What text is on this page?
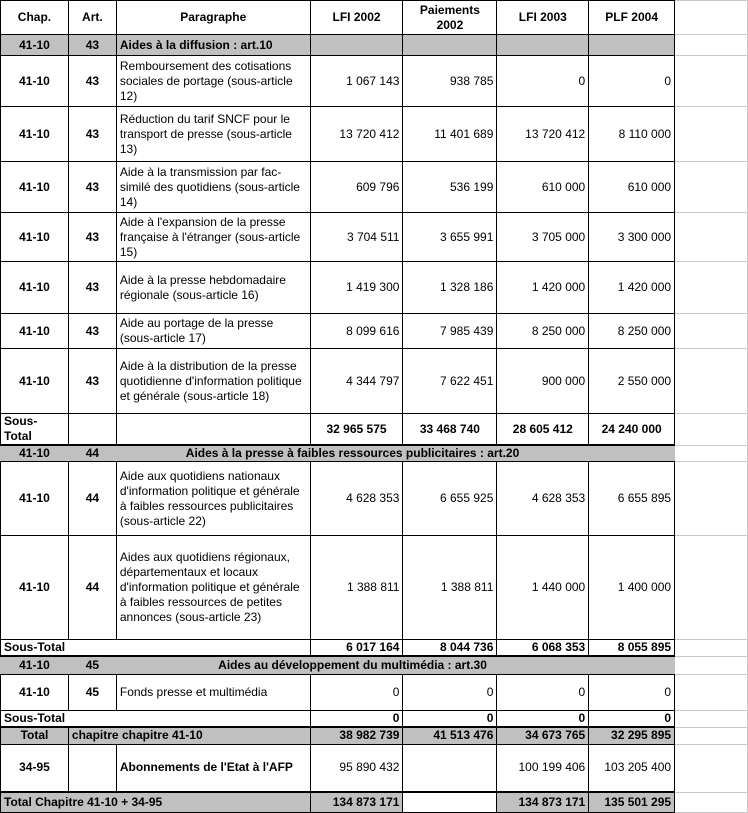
Chap.	Art.	Paragraphe	LFI 2002	Paiements 2002	LFI 2003	PLF 2004	
41-10	43	Aides à la diffusion : art.10					
41-10	43	Remboursement des cotisations sociales de portage (sous-article 12)	1 067 143	938 785	0	0	
41-10	43	Réduction du tarif SNCF pour le transport de presse (sous-article 13)	13 720 412	11 401 689	13 720 412	8 110 000	
41-10	43	Aide à la transmission par fac-similé des quotidiens (sous-article 14)	609 796	536 199	610 000	610 000	
41-10	43	Aide à l'expansion de la presse française à l'étranger (sous-article 15)	3 704 511	3 655 991	3 705 000	3 300 000	
41-10	43	Aide à la presse hebdomadaire régionale (sous-article 16)	1 419 300	1 328 186	1 420 000	1 420 000	
41-10	43	Aide au portage de la presse (sous-article 17)	8 099 616	7 985 439	8 250 000	8 250 000	
41-10	43	Aide à la distribution de la presse quotidienne d'information politique et générale (sous-article 18)	4 344 797	7 622 451	900 000	2 550 000	
Sous-Total			32 965 575	33 468 740	28 605 412	24 240 000	
41-10	44	Aides à la presse à faibles ressources publicitaires : art.20					
41-10	44	Aide aux quotidiens nationaux d'information politique et générale à faibles ressources publicitaires (sous-article 22)	4 628 353	6 655 925	4 628 353	6 655 895	
41-10	44	Aides aux quotidiens régionaux, départementaux et locaux d'information politique et générale à faibles ressources de petites annonces (sous-article 23)	1 388 811	1 388 811	1 440 000	1 400 000	
Sous-Total			6 017 164	8 044 736	6 068 353	8 055 895	
41-10	45	Aides au développement du multimédia : art.30					
41-10	45	Fonds presse et multimédia	0	0	0	0	
Sous-Total			0	0	0	0	
Total	chapitre chapitre 41-10		38 982 739	41 513 476	34 673 765	32 295 895	
34-95		Abonnements de l'Etat à l'AFP	95 890 432		100 199 406	103 205 400	
Total Chapitre 41-10 + 34-95			134 873 171		134 873 171	135 501 295	
